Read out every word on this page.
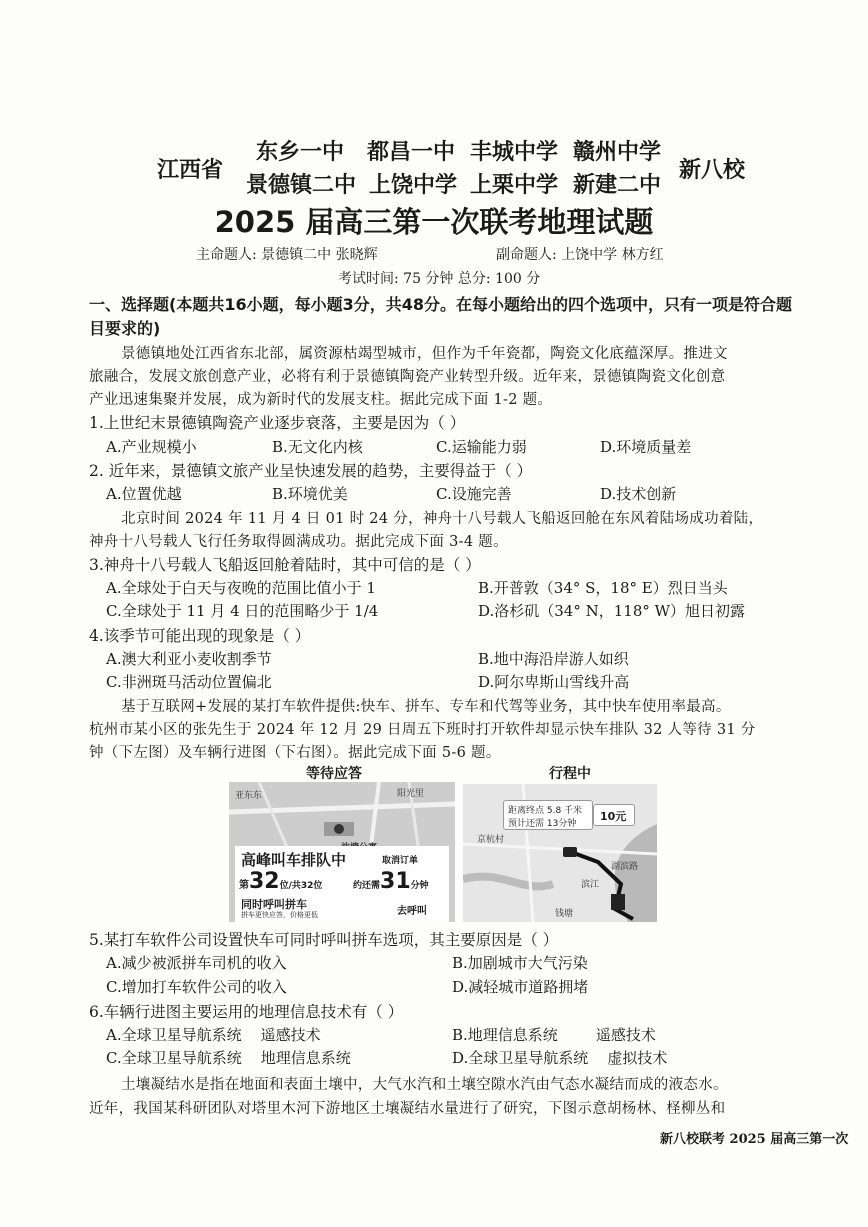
江西省
东乡一中 都昌一中 丰城中学 赣州中学
景德镇二中 上饶中学 上栗中学 新建二中
新八校
2025 届高三第一次联考地理试题
主命题人: 景德镇二中 张晓辉	副命题人: 上饶中学 林方红
考试时间: 75 分钟 总分: 100 分
一、选择题(本题共16小题，每小题3分，共48分。在每小题给出的四个选项中，只有一项是符合题
目要求的)
景德镇地处江西省东北部，属资源枯竭型城市，但作为千年瓷都，陶瓷文化底蕴深厚。推进文
旅融合，发展文旅创意产业，必将有利于景德镇陶瓷产业转型升级。近年来，景德镇陶瓷文化创意
产业迅速集聚并发展，成为新时代的发展支柱。据此完成下面 1-2 题。
1.上世纪末景德镇陶瓷产业逐步衰落，主要是因为（ ）
A.产业规模小	B.无文化内核	C.运输能力弱	D.环境质量差
2. 近年来，景德镇文旅产业呈快速发展的趋势，主要得益于（ ）
A.位置优越	B.环境优美	C.设施完善	D.技术创新
北京时间 2024 年 11 月 4 日 01 时 24 分，神舟十八号载人飞船返回舱在东风着陆场成功着陆，
神舟十八号载人飞行任务取得圆满成功。据此完成下面 3-4 题。
3.神舟十八号载人飞船返回舱着陆时，其中可信的是（ ）
A.全球处于白天与夜晚的范围比值小于 1	B.开普敦（34° S，18° E）烈日当头
C.全球处于 11 月 4 日的范围略少于 1/4	D.洛杉矶（34° N，118° W）旭日初露
4.该季节可能出现的现象是（ ）
A.澳大利亚小麦收割季节	B.地中海沿岸游人如织
C.非洲斑马活动位置偏北	D.阿尔卑斯山雪线升高
基于互联网+发展的某打车软件提供:快车、拼车、专车和代驾等业务，其中快车使用率最高。
杭州市某小区的张先生于 2024 年 12 月 29 日周五下班时打开软件却显示快车排队 32 人等待 31 分
钟（下左图）及车辆行进图（下右图）。据此完成下面 5-6 题。
等待应答
亚东东	阳光里
高峰叫车排队中	取消订单
第32位/共32位	约还需31分钟
同时呼叫拼车
拼车更快应答，价格更低	去呼叫
行程中
距离终点 5.8 千米
预计还需 13分钟
10元
京杭村
滨江
湖滨路
钱塘
5.某打车软件公司设置快车可同时呼叫拼车选项，其主要原因是（ ）
A.减少被派拼车司机的收入	B.加剧城市大气污染
C.增加打车软件公司的收入	D.减轻城市道路拥堵
6.车辆行进图主要运用的地理信息技术有（ ）
A.全球卫星导航系统    遥感技术	B.地理信息系统        遥感技术
C.全球卫星导航系统    地理信息系统	D.全球卫星导航系统    虚拟技术
土壤凝结水是指在地面和表面土壤中，大气水汽和土壤空隙水汽由气态水凝结而成的液态水。
近年，我国某科研团队对塔里木河下游地区土壤凝结水量进行了研究，下图示意胡杨林、柽柳丛和
新八校联考 2025 届高三第一次
